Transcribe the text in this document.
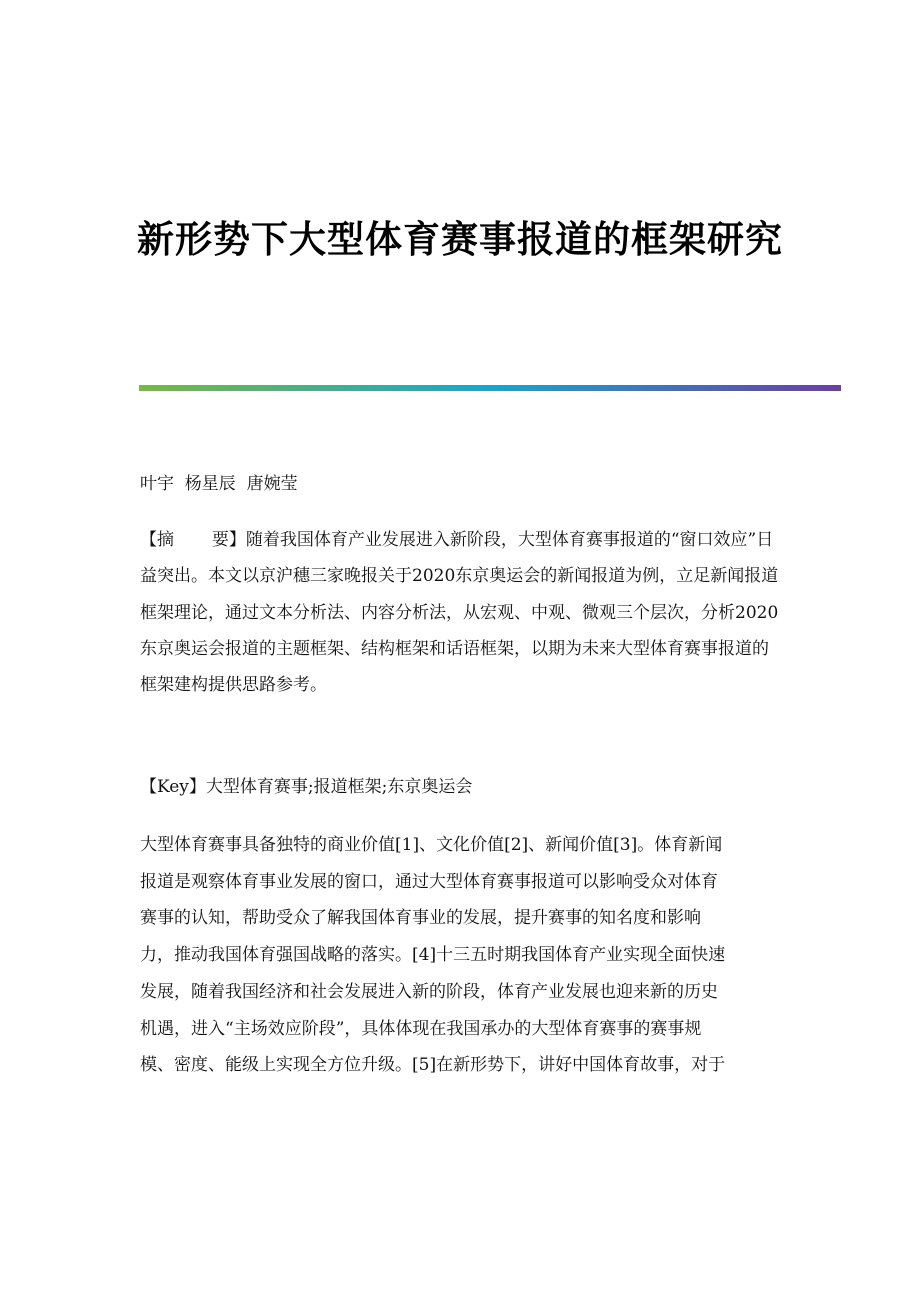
新形势下大型体育赛事报道的框架研究
叶宇  杨星辰  唐婉莹
【摘       要】随着我国体育产业发展进入新阶段，大型体育赛事报道的“窗口效应”日益突出。本文以京沪穗三家晚报关于2020东京奥运会的新闻报道为例，立足新闻报道框架理论，通过文本分析法、内容分析法，从宏观、中观、微观三个层次，分析2020东京奥运会报道的主题框架、结构框架和话语框架，以期为未来大型体育赛事报道的框架建构提供思路参考。
【Key】大型体育赛事;报道框架;东京奥运会
大型体育赛事具备独特的商业价值[1]、文化价值[2]、新闻价值[3]。体育新闻
报道是观察体育事业发展的窗口，通过大型体育赛事报道可以影响受众对体育
赛事的认知，帮助受众了解我国体育事业的发展，提升赛事的知名度和影响
力，推动我国体育强国战略的落实。[4]十三五时期我国体育产业实现全面快速
发展，随着我国经济和社会发展进入新的阶段，体育产业发展也迎来新的历史
机遇，进入“主场效应阶段”，具体体现在我国承办的大型体育赛事的赛事规
模、密度、能级上实现全方位升级。[5]在新形势下，讲好中国体育故事，对于
